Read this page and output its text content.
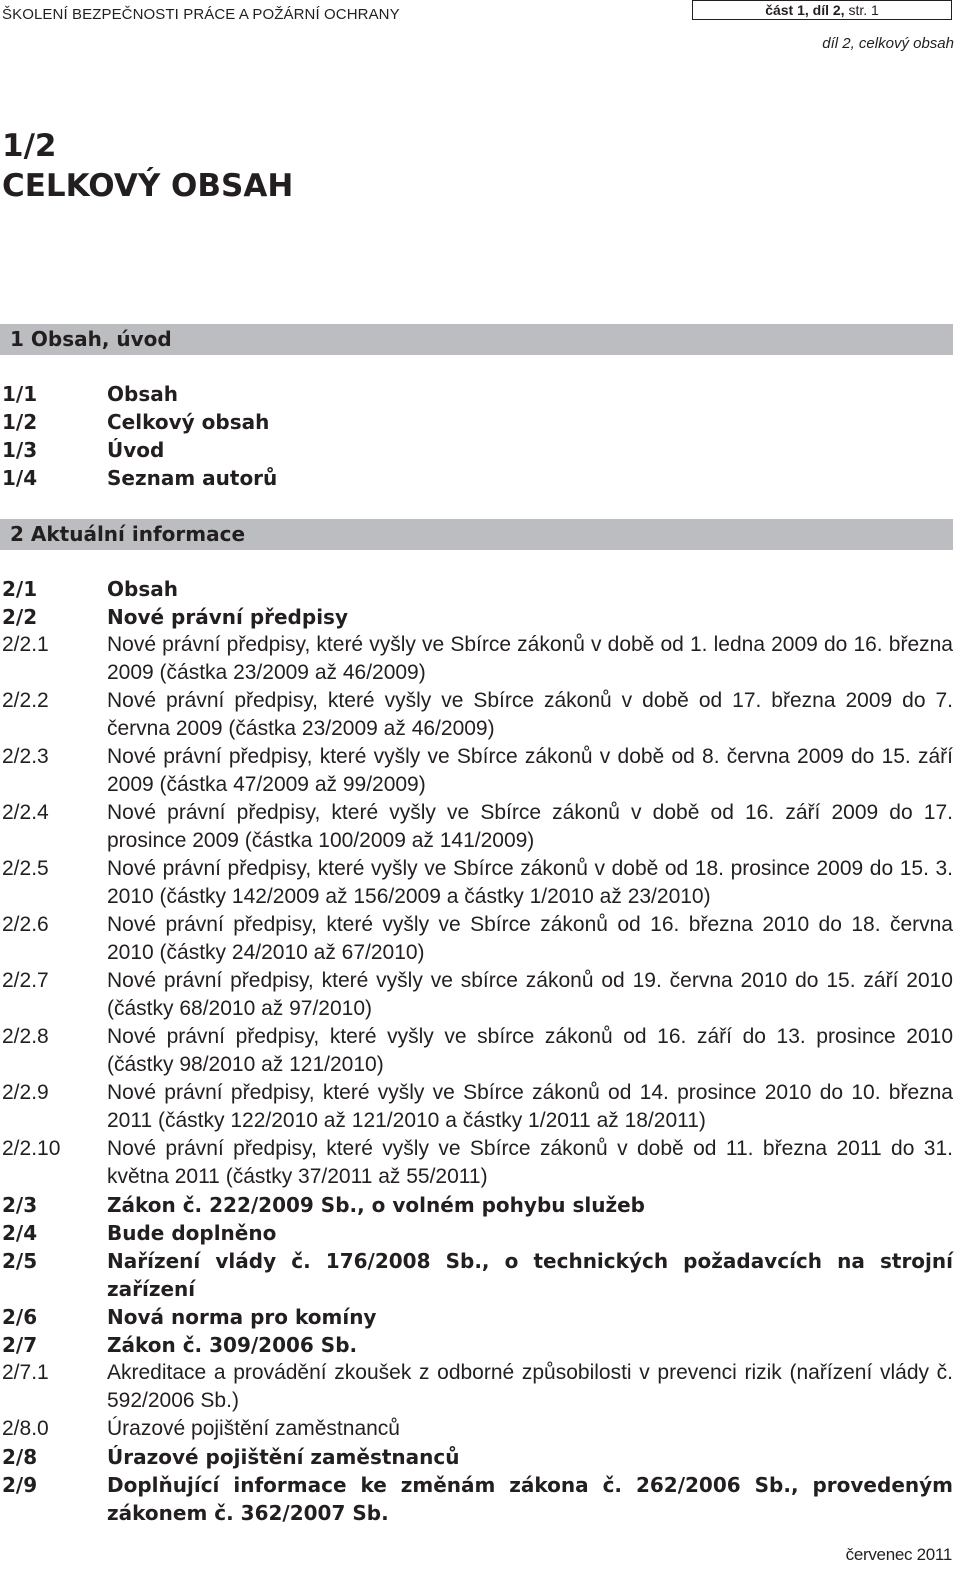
ŠKOLENÍ BEZPEČNOSTI PRÁCE A POŽÁRNÍ OCHRANY	část 1, díl 2, str. 1
díl 2, celkový obsah
1/2
CELKOVÝ OBSAH
1 Obsah, úvod
1/1	Obsah
1/2	Celkový obsah
1/3	Úvod
1/4	Seznam autorů
2 Aktuální informace
2/1	Obsah
2/2	Nové právní předpisy
2/2.1	Nové právní předpisy, které vyšly ve Sbírce zákonů v době od 1. ledna 2009 do 16. března 2009 (částka 23/2009 až 46/2009)
2/2.2	Nové právní předpisy, které vyšly ve Sbírce zákonů v době od 17. března 2009 do 7. června 2009 (částka 23/2009 až 46/2009)
2/2.3	Nové právní předpisy, které vyšly ve Sbírce zákonů v době od 8. června 2009 do 15. září 2009 (částka 47/2009 až 99/2009)
2/2.4	Nové právní předpisy, které vyšly ve Sbírce zákonů v době od 16. září 2009 do 17. prosince 2009 (částka 100/2009 až 141/2009)
2/2.5	Nové právní předpisy, které vyšly ve Sbírce zákonů v době od 18. prosince 2009 do 15. 3. 2010 (částky 142/2009 až 156/2009 a částky 1/2010 až 23/2010)
2/2.6	Nové právní předpisy, které vyšly ve Sbírce zákonů od 16. března 2010 do 18. června 2010 (částky 24/2010 až 67/2010)
2/2.7	Nové právní předpisy, které vyšly ve sbírce zákonů od 19. června 2010 do 15. září 2010 (částky 68/2010 až 97/2010)
2/2.8	Nové právní předpisy, které vyšly ve sbírce zákonů od 16. září do 13. prosince 2010 (částky 98/2010 až 121/2010)
2/2.9	Nové právní předpisy, které vyšly ve Sbírce zákonů od 14. prosince 2010 do 10. března 2011 (částky 122/2010 až 121/2010 a částky 1/2011 až 18/2011)
2/2.10	Nové právní předpisy, které vyšly ve Sbírce zákonů v době od 11. března 2011 do 31. května 2011 (částky 37/2011 až 55/2011)
2/3	Zákon č. 222/2009 Sb., o volném pohybu služeb
2/4	Bude doplněno
2/5	Nařízení vlády č. 176/2008 Sb., o technických požadavcích na strojní zařízení
2/6	Nová norma pro komíny
2/7	Zákon č. 309/2006 Sb.
2/7.1	Akreditace a provádění zkoušek z odborné způsobilosti v prevenci rizik (nařízení vlády č. 592/2006 Sb.)
2/8.0	Úrazové pojištění zaměstnanců
2/8	Úrazové pojištění zaměstnanců
2/9	Doplňující informace ke změnám zákona č. 262/2006 Sb., provedeným zákonem č. 362/2007 Sb.
červenec 2011
